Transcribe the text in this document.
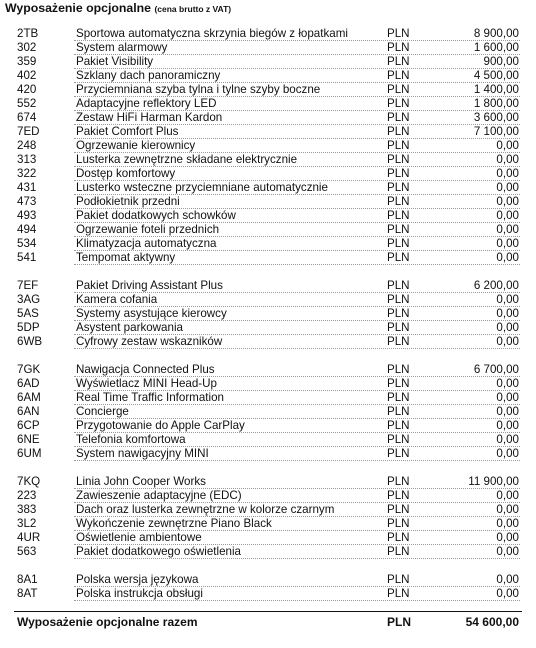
Wyposażenie opcjonalne (cena brutto z VAT)
2TB	Sportowa automatyczna skrzynia biegów z łopatkami	PLN	8 900,00
302	System alarmowy	PLN	1 600,00
359	Pakiet Visibility	PLN	900,00
402	Szklany dach panoramiczny	PLN	4 500,00
420	Przyciemniana szyba tylna i tylne szyby boczne	PLN	1 400,00
552	Adaptacyjne reflektory LED	PLN	1 800,00
674	Zestaw HiFi Harman Kardon	PLN	3 600,00
7ED	Pakiet Comfort Plus	PLN	7 100,00
248	Ogrzewanie kierownicy	PLN	0,00
313	Lusterka zewnętrzne składane elektrycznie	PLN	0,00
322	Dostęp komfortowy	PLN	0,00
431	Lusterko wsteczne przyciemniane automatycznie	PLN	0,00
473	Podłokietnik przedni	PLN	0,00
493	Pakiet dodatkowych schowków	PLN	0,00
494	Ogrzewanie foteli przednich	PLN	0,00
534	Klimatyzacja automatyczna	PLN	0,00
541	Tempomat aktywny	PLN	0,00
7EF	Pakiet Driving Assistant Plus	PLN	6 200,00
3AG	Kamera cofania	PLN	0,00
5AS	Systemy asystujące kierowcy	PLN	0,00
5DP	Asystent parkowania	PLN	0,00
6WB	Cyfrowy zestaw wskazników	PLN	0,00
7GK	Nawigacja Connected Plus	PLN	6 700,00
6AD	Wyświetlacz MINI Head-Up	PLN	0,00
6AM	Real Time Traffic Information	PLN	0,00
6AN	Concierge	PLN	0,00
6CP	Przygotowanie do Apple CarPlay	PLN	0,00
6NE	Telefonia komfortowa	PLN	0,00
6UM	System nawigacyjny MINI	PLN	0,00
7KQ	Linia John Cooper Works	PLN	11 900,00
223	Zawieszenie adaptacyjne (EDC)	PLN	0,00
383	Dach oraz lusterka zewnętrzne w kolorze czarnym	PLN	0,00
3L2	Wykończenie zewnętrzne Piano Black	PLN	0,00
4UR	Oświetlenie ambientowe	PLN	0,00
563	Pakiet dodatkowego oświetlenia	PLN	0,00
8A1	Polska wersja językowa	PLN	0,00
8AT	Polska instrukcja obsługi	PLN	0,00
Wyposażenie opcjonalne razem	PLN	54 600,00
